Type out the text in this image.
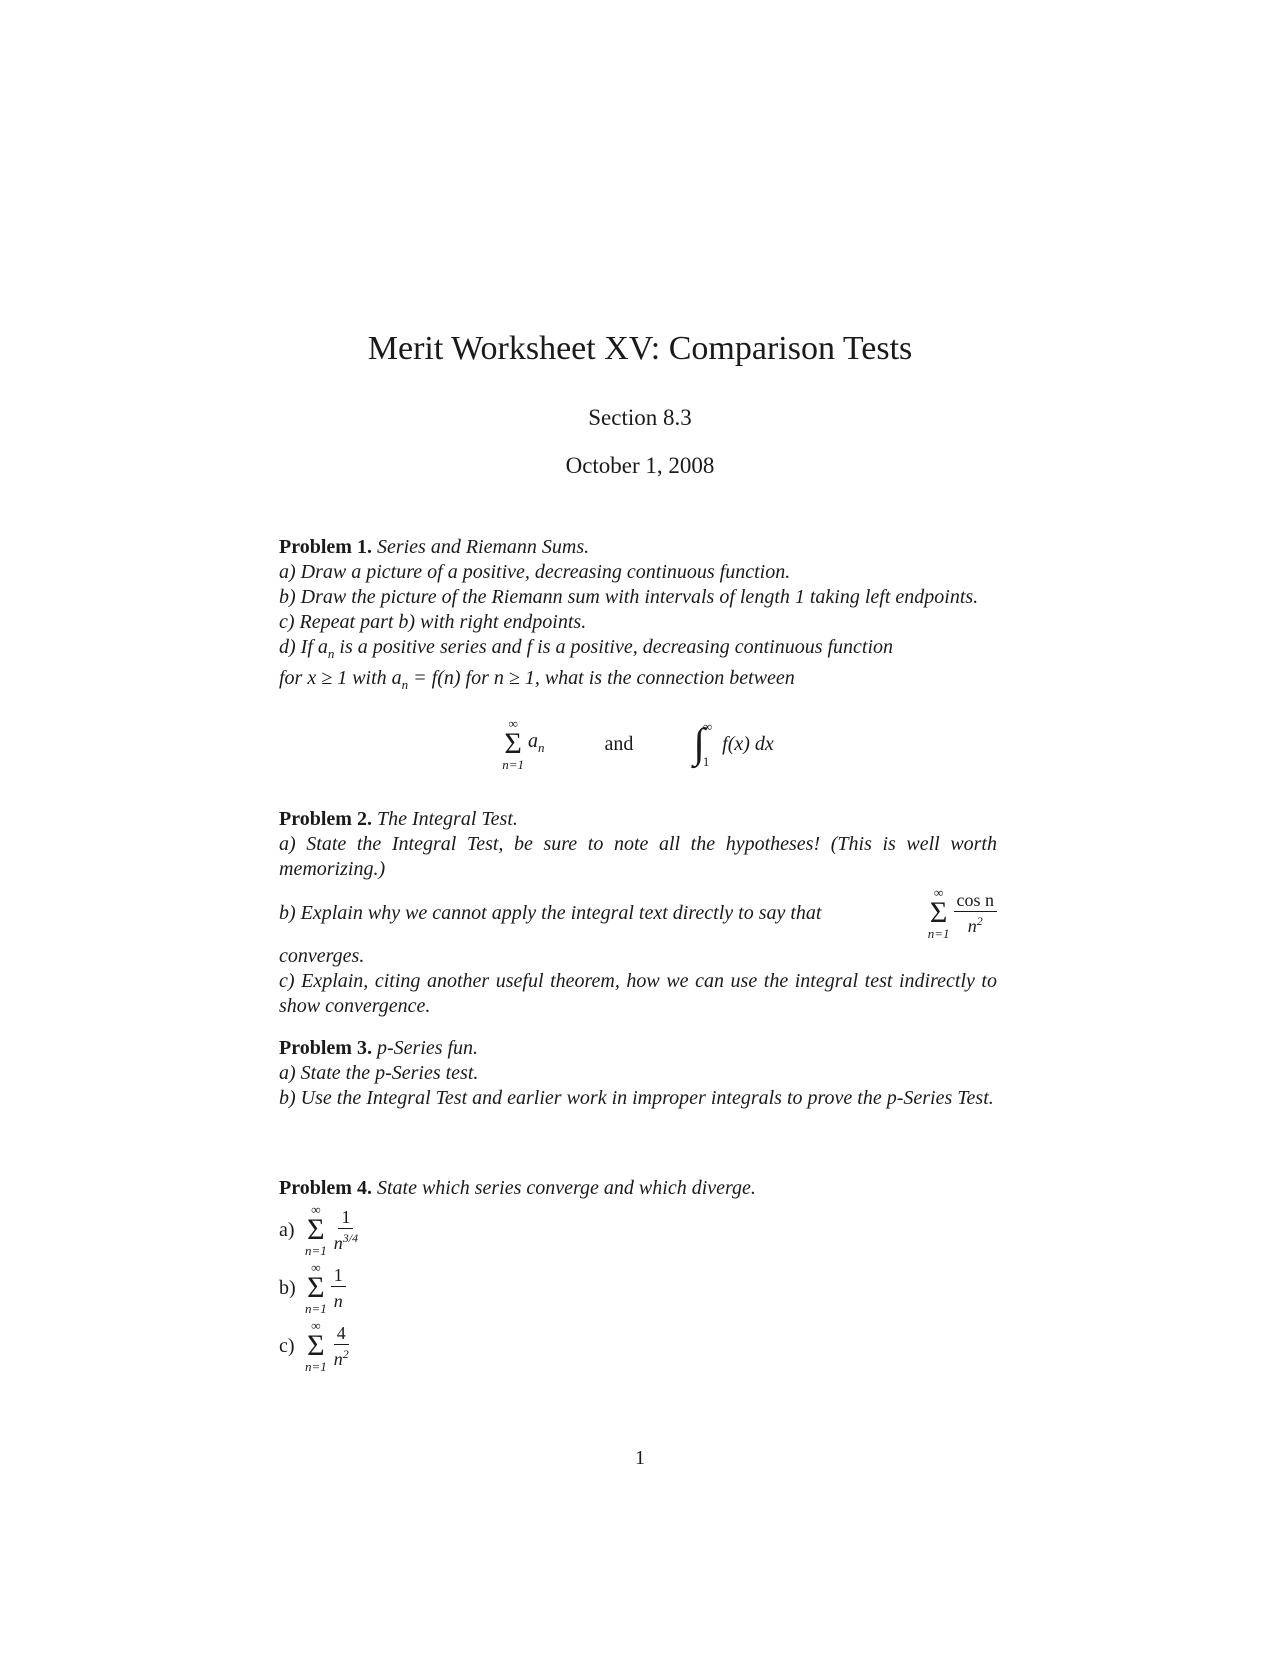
Merit Worksheet XV: Comparison Tests
Section 8.3
October 1, 2008

Problem 1. Series and Riemann Sums.

a) Draw a picture of a positive, decreasing continuous function.

b) Draw the picture of the Riemann sum with intervals of length 1 taking left endpoints.

c) Repeat part b) with right endpoints.

d) If $a_n$ is a positive series and f is a positive, decreasing continuous function

for x ≥ 1 with $a_n = f(n)$ for n ≥ 1, what is the connection between

∞
Σ
n=1
$a_n$	and ∫
∞
1
f(x) dx

Problem 2. The Integral Test.

a) State the Integral Test, be sure to note all the hypotheses! (This is well worth memorizing.)

b) Explain why we cannot apply the integral text directly to say that
∞
Σ
$n=1 \frac{\text{cos n}}{n^2}$

converges.

c) Explain, citing another useful theorem, how we can use the integral test indirectly to show convergence.

Problem 3. p-Series fun.

a) State the p-Series test.

b) Use the Integral Test and earlier work in improper integrals to prove the p-Series Test.

Problem 4. State which series converge and which diverge.

a)
∞
Σ
$n=1 \frac{1}{n^{3/4}}$
b)
∞
Σ
$n=1 \frac{1}{n}$
c)
∞
Σ
$n=1 \frac{4}{n^2}$
1
